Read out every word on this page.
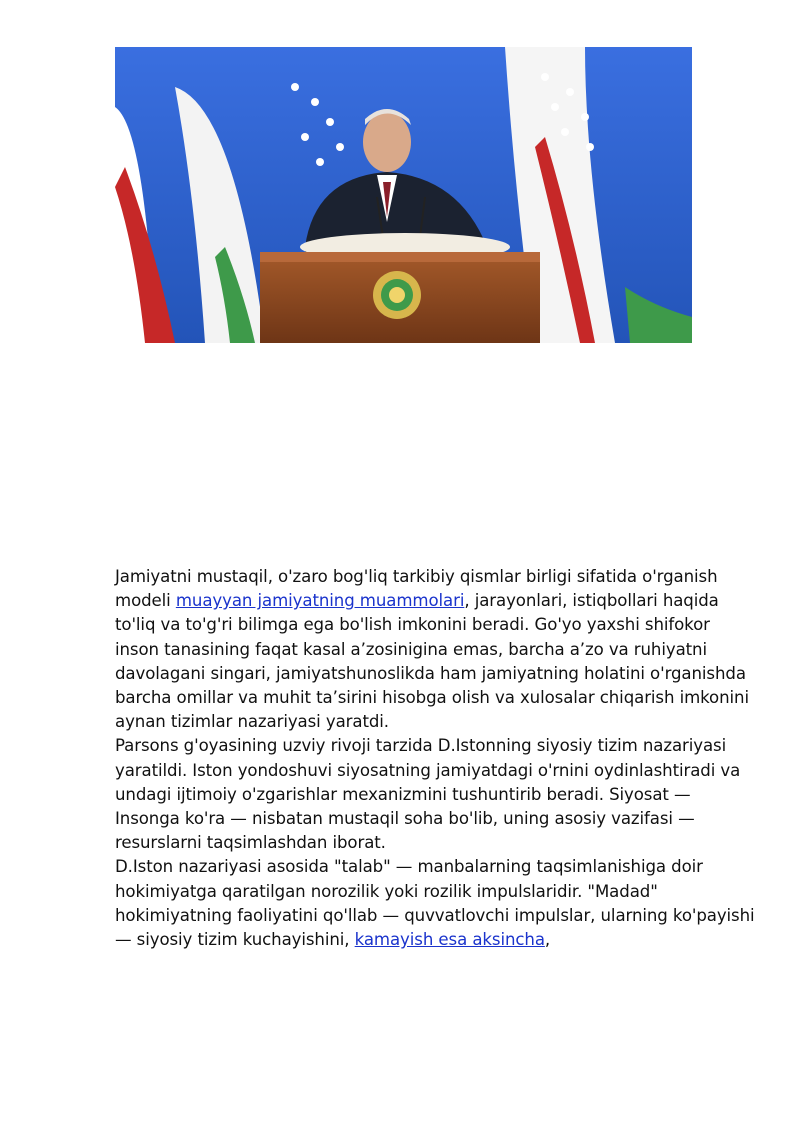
Jamiyatni mustaqil, o'zaro bog'liq tarkibiy qismlar birligi sifatida o'rganish modeli muayyan jamiyatning muammolari, jarayonlari, istiqbollari haqida to'liq va to'g'ri bilimga ega bo'lish imkonini beradi. Go'yo yaxshi shifokor inson tanasining faqat kasal a’zosinigina emas, barcha a’zo va ruhiyatni davolagani singari, jamiyatshunoslikda ham jamiyatning holatini o'rganishda barcha omillar va muhit ta’sirini hisobga olish va xulosalar chiqarish imkonini aynan tizimlar nazariyasi yaratdi.

Parsons g'oyasining uzviy rivoji tarzida D.Istonning siyosiy tizim nazariyasi yaratildi. Iston yondoshuvi siyosatning jamiyatdagi o'rnini oydinlashtiradi va undagi ijtimoiy o'zgarishlar mexanizmini tushuntirib beradi. Siyosat — Insonga ko'ra — nisbatan mustaqil soha bo'lib, uning asosiy vazifasi — resurslarni taqsimlashdan iborat.

D.Iston nazariyasi asosida "talab" — manbalarning taqsimlanishiga doir hokimiyatga qaratilgan norozilik yoki rozilik impulslaridir. "Madad" hokimiyatning faoliyatini qo'llab — quvvatlovchi impulslar, ularning ko'payishi — siyosiy tizim kuchayishini, kamayish esa aksincha,
